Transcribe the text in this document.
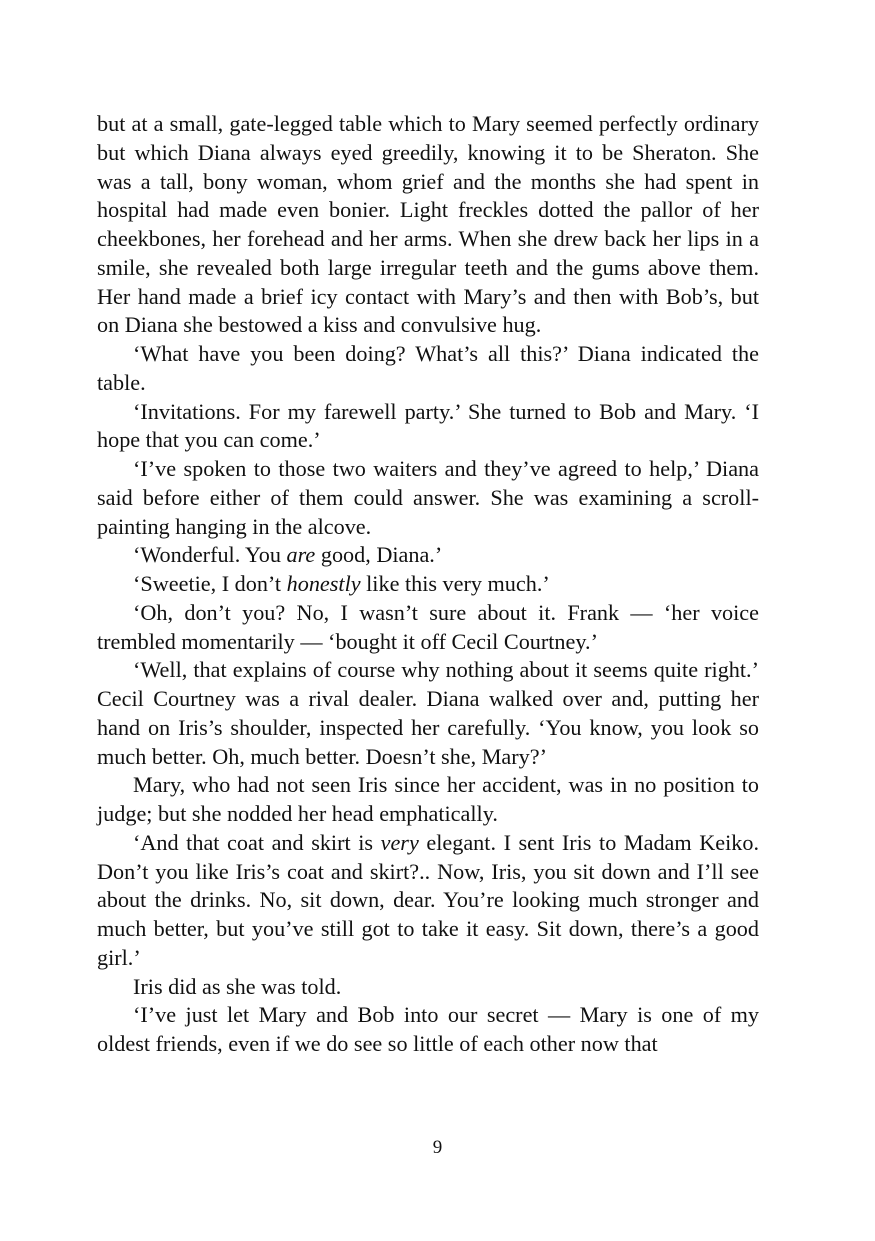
but at a small, gate-legged table which to Mary seemed perfectly ordinary but which Diana always eyed greedily, knowing it to be Sheraton. She was a tall, bony woman, whom grief and the months she had spent in hospital had made even bonier. Light freckles dotted the pallor of her cheekbones, her forehead and her arms. When she drew back her lips in a smile, she revealed both large irregular teeth and the gums above them. Her hand made a brief icy contact with Mary’s and then with Bob’s, but on Diana she bestowed a kiss and convulsive hug.

‘What have you been doing? What’s all this?’ Diana indicated the table.

‘Invitations. For my farewell party.’ She turned to Bob and Mary. ‘I hope that you can come.’

‘I’ve spoken to those two waiters and they’ve agreed to help,’ Diana said before either of them could answer. She was examining a scroll-painting hanging in the alcove.

‘Wonderful. You are good, Diana.’

‘Sweetie, I don’t honestly like this very much.’

‘Oh, don’t you? No, I wasn’t sure about it. Frank — ‘her voice trembled momentarily — ‘bought it off Cecil Courtney.’

‘Well, that explains of course why nothing about it seems quite right.’ Cecil Courtney was a rival dealer. Diana walked over and, putting her hand on Iris’s shoulder, inspected her carefully. ‘You know, you look so much better. Oh, much better. Doesn’t she, Mary?’

Mary, who had not seen Iris since her accident, was in no position to judge; but she nodded her head emphatically.

‘And that coat and skirt is very elegant. I sent Iris to Madam Keiko. Don’t you like Iris’s coat and skirt?.. Now, Iris, you sit down and I’ll see about the drinks. No, sit down, dear. You’re looking much stronger and much better, but you’ve still got to take it easy. Sit down, there’s a good girl.’

Iris did as she was told.

‘I’ve just let Mary and Bob into our secret — Mary is one of my oldest friends, even if we do see so little of each other now that

9
